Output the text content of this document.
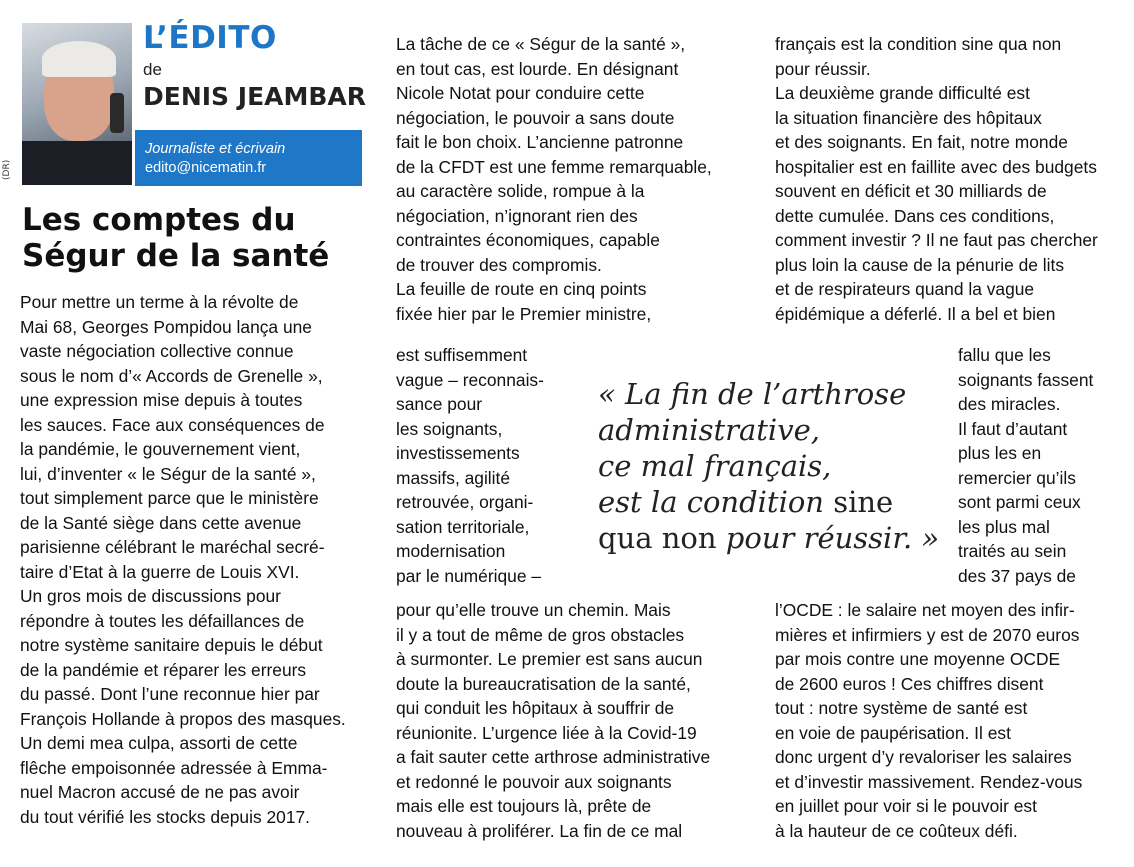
(DR)
L’ÉDITO
de
DENIS JEAMBAR
Journaliste et écrivain
edito@nicematin.fr
Les comptes du
Ségur de la santé
Pour mettre un terme à la révolte de
Mai 68, Georges Pompidou lança une
vaste négociation collective connue
sous le nom d’« Accords de Grenelle »,
une expression mise depuis à toutes
les sauces. Face aux conséquences de
la pandémie, le gouvernement vient,
lui, d’inventer « le Ségur de la santé »,
tout simplement parce que le ministère
de la Santé siège dans cette avenue
parisienne célébrant le maréchal secré-
taire d’Etat à la guerre de Louis XVI.
Un gros mois de discussions pour
répondre à toutes les défaillances de
notre système sanitaire depuis le début
de la pandémie et réparer les erreurs
du passé. Dont l’une reconnue hier par
François Hollande à propos des masques.
Un demi mea culpa, assorti de cette
flêche empoisonnée adressée à Emma-
nuel Macron accusé de ne pas avoir
du tout vérifié les stocks depuis 2017.
La tâche de ce « Ségur de la santé »,
en tout cas, est lourde. En désignant
Nicole Notat pour conduire cette
négociation, le pouvoir a sans doute
fait le bon choix. L’ancienne patronne
de la CFDT est une femme remarquable,
au caractère solide, rompue à la
négociation, n’ignorant rien des
contraintes économiques, capable
de trouver des compromis.
La feuille de route en cinq points
fixée hier par le Premier ministre,
est suffisemment
vague – reconnais-
sance pour
les soignants,
investissements
massifs, agilité
retrouvée, organi-
sation territoriale,
modernisation
par le numérique –
pour qu’elle trouve un chemin. Mais
il y a tout de même de gros obstacles
à surmonter. Le premier est sans aucun
doute la bureaucratisation de la santé,
qui conduit les hôpitaux à souffrir de
réunionite. L’urgence liée à la Covid-19
a fait sauter cette arthrose administrative
et redonné le pouvoir aux soignants
mais elle est toujours là, prête de
nouveau à proliférer. La fin de ce mal
français est la condition sine qua non
pour réussir.
La deuxième grande difficulté est
la situation financière des hôpitaux
et des soignants. En fait, notre monde
hospitalier est en faillite avec des budgets
souvent en déficit et 30 milliards de
dette cumulée. Dans ces conditions,
comment investir ? Il ne faut pas chercher
plus loin la cause de la pénurie de lits
et de respirateurs quand la vague
épidémique a déferlé. Il a bel et bien
fallu que les
soignants fassent
des miracles.
Il faut d’autant
plus les en
remercier qu’ils
sont parmi ceux
les plus mal
traités au sein
des 37 pays de
l’OCDE : le salaire net moyen des infir-
mières et infirmiers y est de 2070 euros
par mois contre une moyenne OCDE
de 2600 euros ! Ces chiffres disent
tout : notre système de santé est
en voie de paupérisation. Il est
donc urgent d’y revaloriser les salaires
et d’investir massivement. Rendez-vous
en juillet pour voir si le pouvoir est
à la hauteur de ce coûteux défi.
« La fin de l’arthrose
administrative,
ce mal français,
est la condition sine
qua non pour réussir. »
